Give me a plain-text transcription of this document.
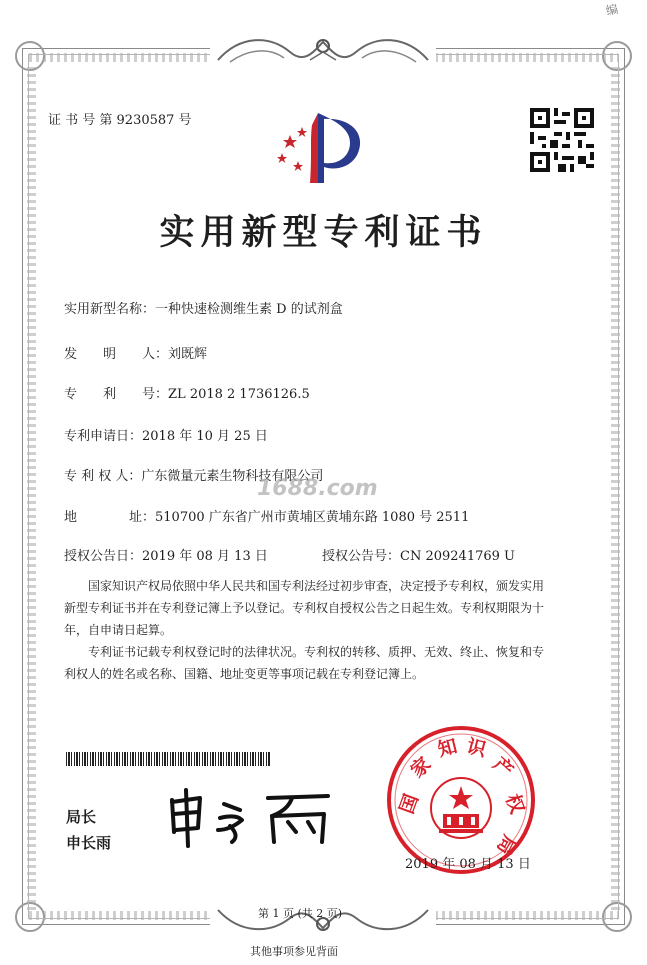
编
证 书 号 第 9230587 号
实用新型专利证书
实用新型名称：一种快速检测维生素 D 的试剂盒
发　　明　　人：刘既辉
专　　利　　号：ZL 2018 2 1736126.5
专利申请日：2018 年 10 月 25 日
专 利 权 人：广东微量元素生物科技有限公司
1688.com
地　　　　址：510700 广东省广州市黄埔区黄埔东路 1080 号 2511
授权公告日：2019 年 08 月 13 日	授权公告号：CN 209241769 U
　　国家知识产权局依照中华人民共和国专利法经过初步审查，决定授予专利权，颁发实用
新型专利证书并在专利登记簿上予以登记。专利权自授权公告之日起生效。专利权期限为十
年，自申请日起算。
　　专利证书记载专利权登记时的法律状况。专利权的转移、质押、无效、终止、恢复和专
利权人的姓名或名称、国籍、地址变更等事项记载在专利登记簿上。
局长
申长雨
国
家
知 识
产
权
局
2019 年 08 月 13 日
第 1 页 (共 2 页)
其他事项参见背面
